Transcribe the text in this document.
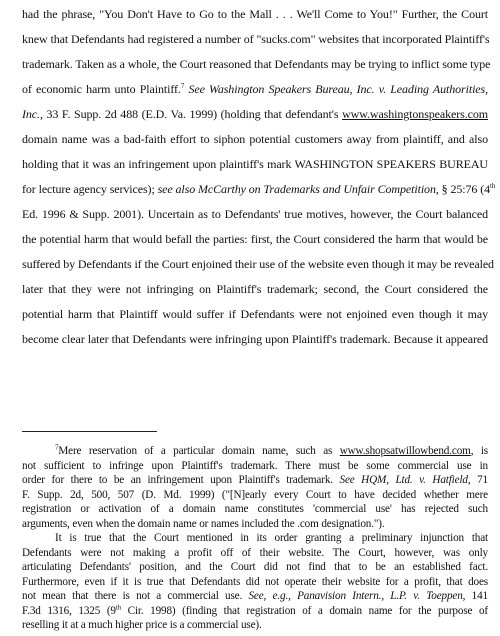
had the phrase, "You Don't Have to Go to the Mall . . . We'll Come to You!" Further, the Court

knew that Defendants had registered a number of "sucks.com" websites that incorporated Plaintiff's

trademark. Taken as a whole, the Court reasoned that Defendants may be trying to inflict some type

of economic harm unto Plaintiff.$^7$ See Washington Speakers Bureau, Inc. v. Leading Authorities,

Inc., 33 F. Supp. 2d 488 (E.D. Va. 1999) (holding that defendant's www.washingtonspeakers.com

domain name was a bad-faith effort to siphon potential customers away from plaintiff, and also

holding that it was an infringement upon plaintiff's mark WASHINGTON SPEAKERS BUREAU

for lecture agency services); see also McCarthy on Trademarks and Unfair Competition, § 25:76 (4th

Ed. 1996 & Supp. 2001). Uncertain as to Defendants' true motives, however, the Court balanced

the potential harm that would befall the parties: first, the Court considered the harm that would be

suffered by Defendants if the Court enjoined their use of the website even though it may be revealed

later that they were not infringing on Plaintiff's trademark; second, the Court considered the

potential harm that Plaintiff would suffer if Defendants were not enjoined even though it may

become clear later that Defendants were infringing upon Plaintiff's trademark. Because it appeared

$^7$Mere reservation of a particular domain name, such as www.shopsatwillowbend.com, is

not sufficient to infringe upon Plaintiff's trademark. There must be some commercial use in

order for there to be an infringement upon Plaintiff's trademark. See HQM, Ltd. v. Hatfield, 71

F. Supp. 2d, 500, 507 (D. Md. 1999) ("[N]early every Court to have decided whether mere

registration or activation of a domain name constitutes 'commercial use' has rejected such

arguments, even when the domain name or names included the .com designation.").

It is true that the Court mentioned in its order granting a preliminary injunction that

Defendants were not making a profit off of their website. The Court, however, was only

articulating Defendants' position, and the Court did not find that to be an established fact.

Furthermore, even if it is true that Defendants did not operate their website for a profit, that does

not mean that there is not a commercial use. See, e.g., Panavision Intern., L.P. v. Toeppen, 141

F.3d 1316, 1325 (9th Cir. 1998) (finding that registration of a domain name for the purpose of

reselling it at a much higher price is a commercial use).
